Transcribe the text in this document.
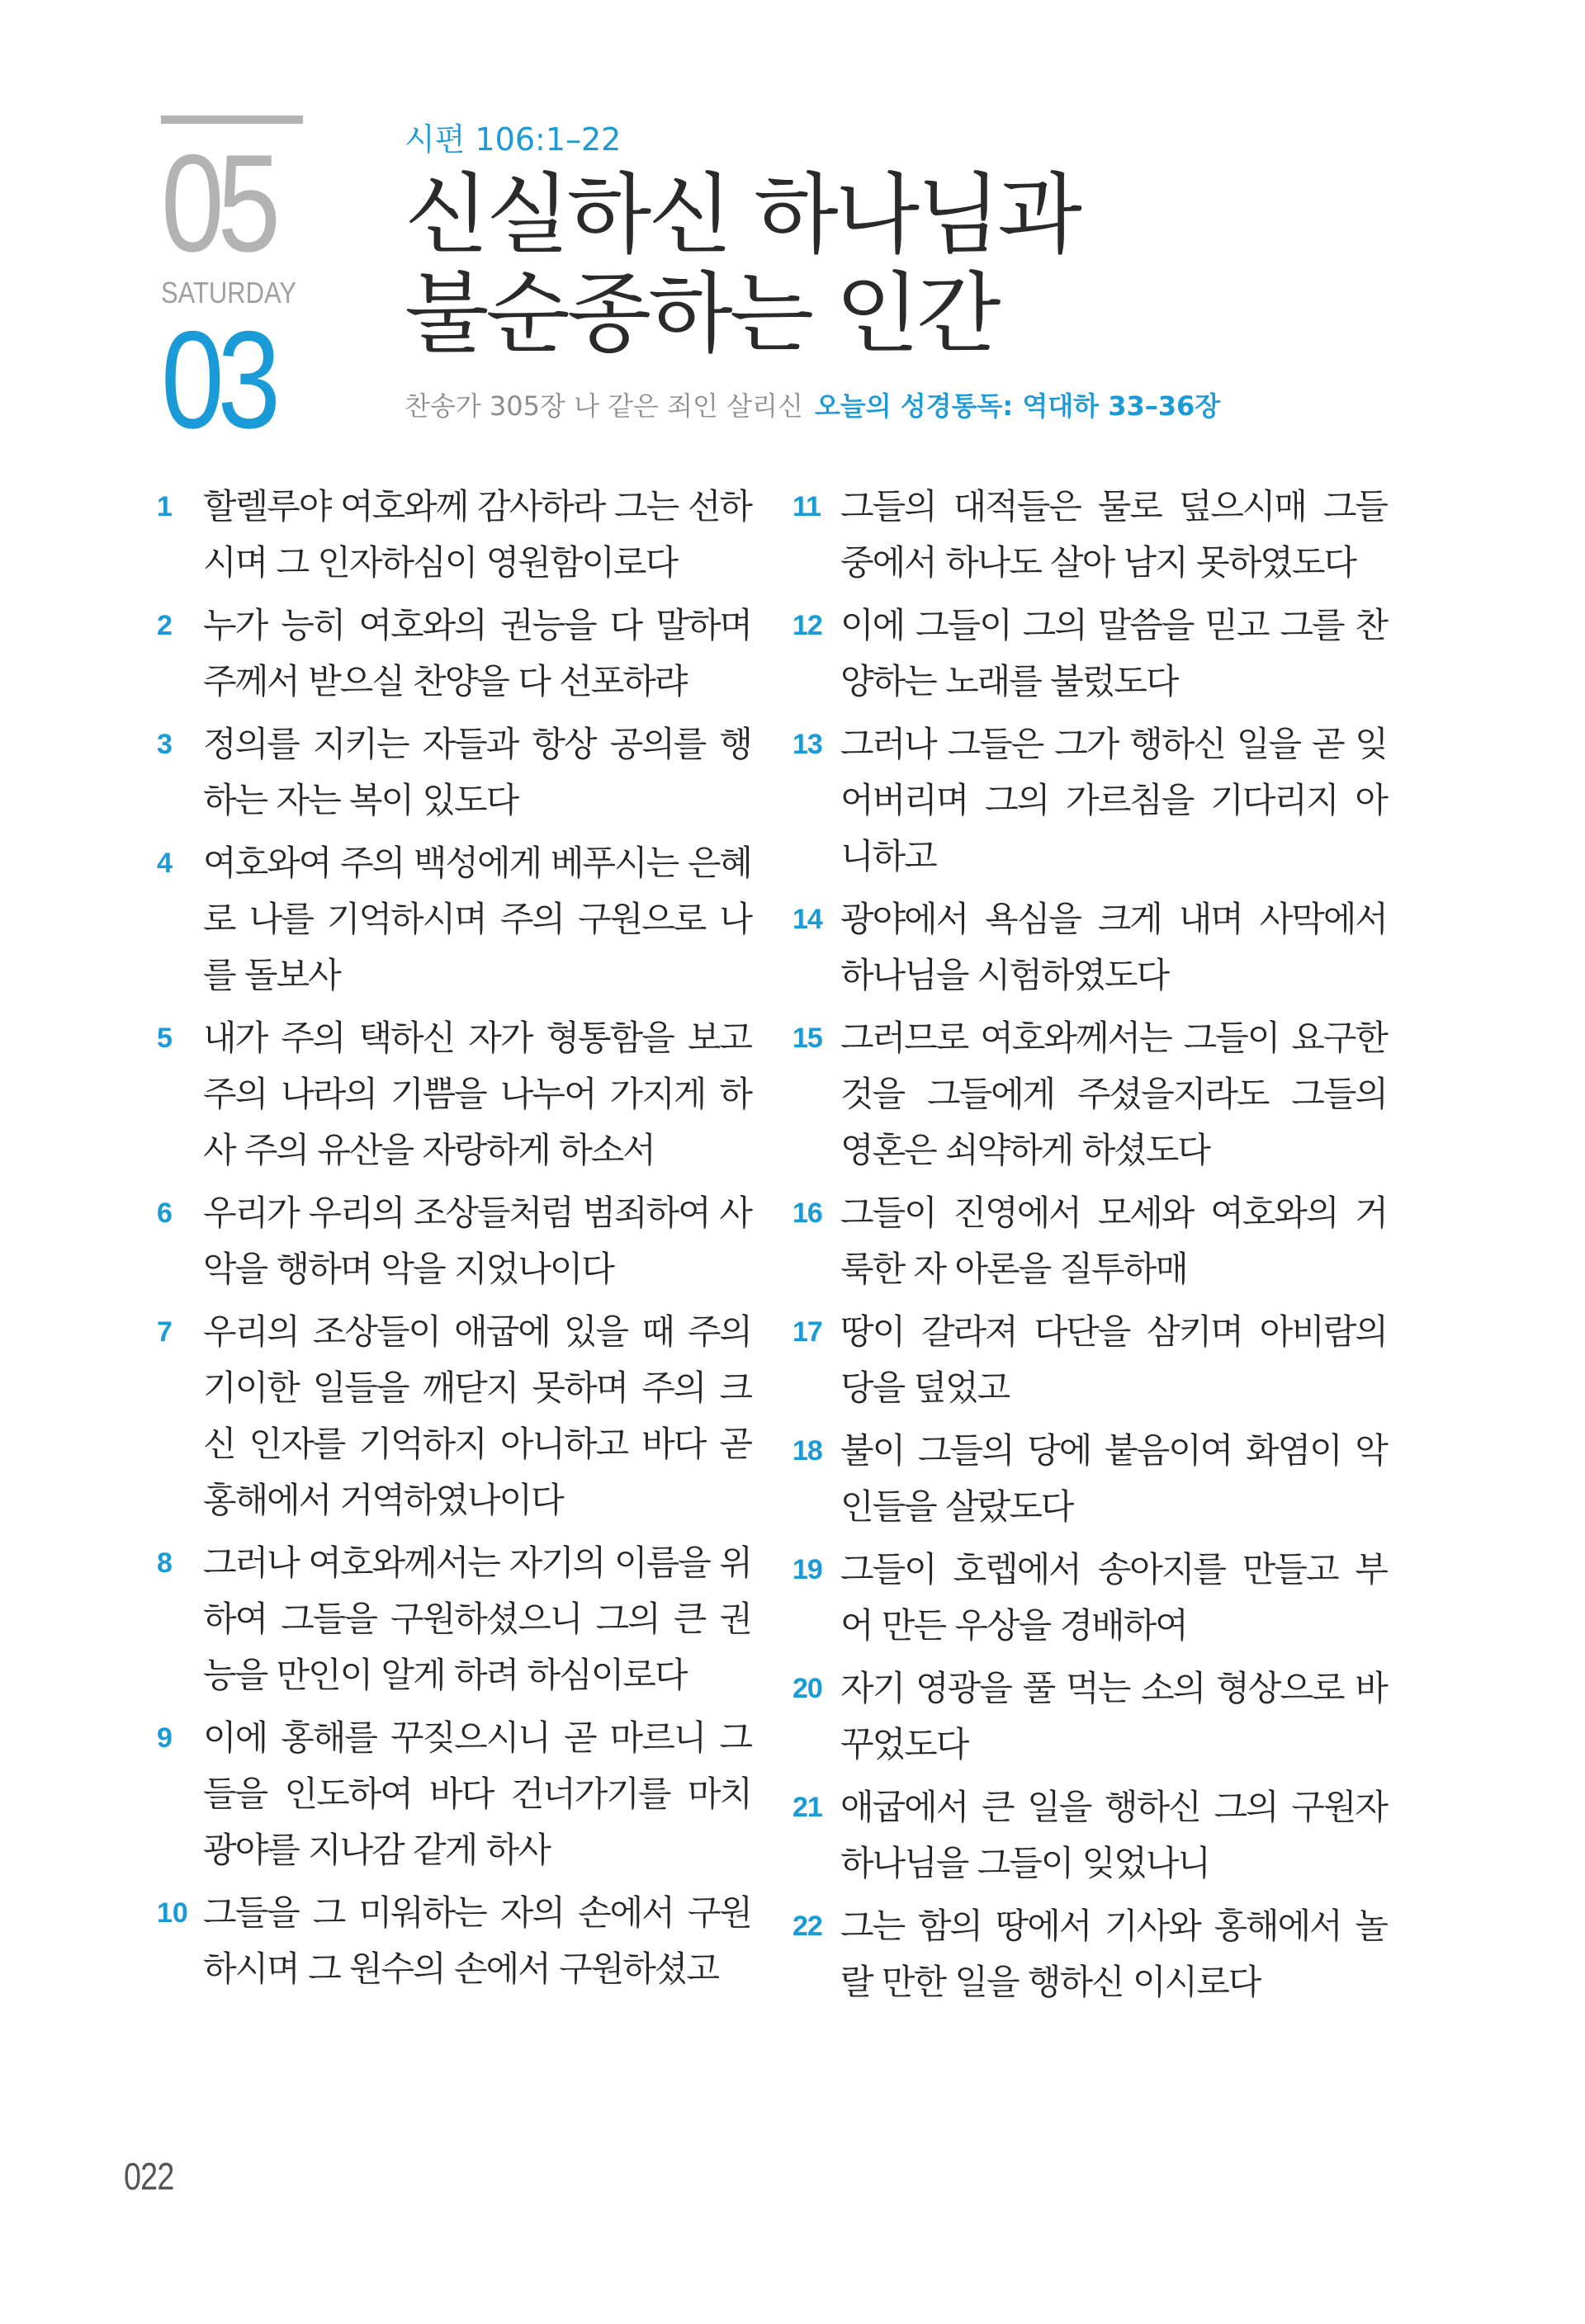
05
SATURDAY
03
시편 106:1–22
신실하신 하나님과
불순종하는 인간
찬송가 305장 나 같은 죄인 살리신 오늘의 성경통독: 역대하 33–36장
1 할렐루야 여호와께 감사하라 그는 선하시며 그 인자하심이 영원함이로다
2 누가 능히 여호와의 권능을 다 말하며 주께서 받으실 찬양을 다 선포하랴
3 정의를 지키는 자들과 항상 공의를 행하는 자는 복이 있도다
4 여호와여 주의 백성에게 베푸시는 은혜로 나를 기억하시며 주의 구원으로 나를 돌보사
5 내가 주의 택하신 자가 형통함을 보고 주의 나라의 기쁨을 나누어 가지게 하사 주의 유산을 자랑하게 하소서
6 우리가 우리의 조상들처럼 범죄하여 사악을 행하며 악을 지었나이다
7 우리의 조상들이 애굽에 있을 때 주의 기이한 일들을 깨닫지 못하며 주의 크신 인자를 기억하지 아니하고 바다 곧 홍해에서 거역하였나이다
8 그러나 여호와께서는 자기의 이름을 위하여 그들을 구원하셨으니 그의 큰 권능을 만인이 알게 하려 하심이로다
9 이에 홍해를 꾸짖으시니 곧 마르니 그들을 인도하여 바다 건너가기를 마치 광야를 지나감 같게 하사
10 그들을 그 미워하는 자의 손에서 구원하시며 그 원수의 손에서 구원하셨고
11 그들의 대적들은 물로 덮으시매 그들 중에서 하나도 살아 남지 못하였도다
12 이에 그들이 그의 말씀을 믿고 그를 찬양하는 노래를 불렀도다
13 그러나 그들은 그가 행하신 일을 곧 잊어버리며 그의 가르침을 기다리지 아니하고
14 광야에서 욕심을 크게 내며 사막에서 하나님을 시험하였도다
15 그러므로 여호와께서는 그들이 요구한 것을 그들에게 주셨을지라도 그들의 영혼은 쇠약하게 하셨도다
16 그들이 진영에서 모세와 여호와의 거룩한 자 아론을 질투하매
17 땅이 갈라져 다단을 삼키며 아비람의 당을 덮었고
18 불이 그들의 당에 붙음이여 화염이 악인들을 살랐도다
19 그들이 호렙에서 송아지를 만들고 부어 만든 우상을 경배하여
20 자기 영광을 풀 먹는 소의 형상으로 바꾸었도다
21 애굽에서 큰 일을 행하신 그의 구원자 하나님을 그들이 잊었나니
22 그는 함의 땅에서 기사와 홍해에서 놀랄 만한 일을 행하신 이시로다
022
